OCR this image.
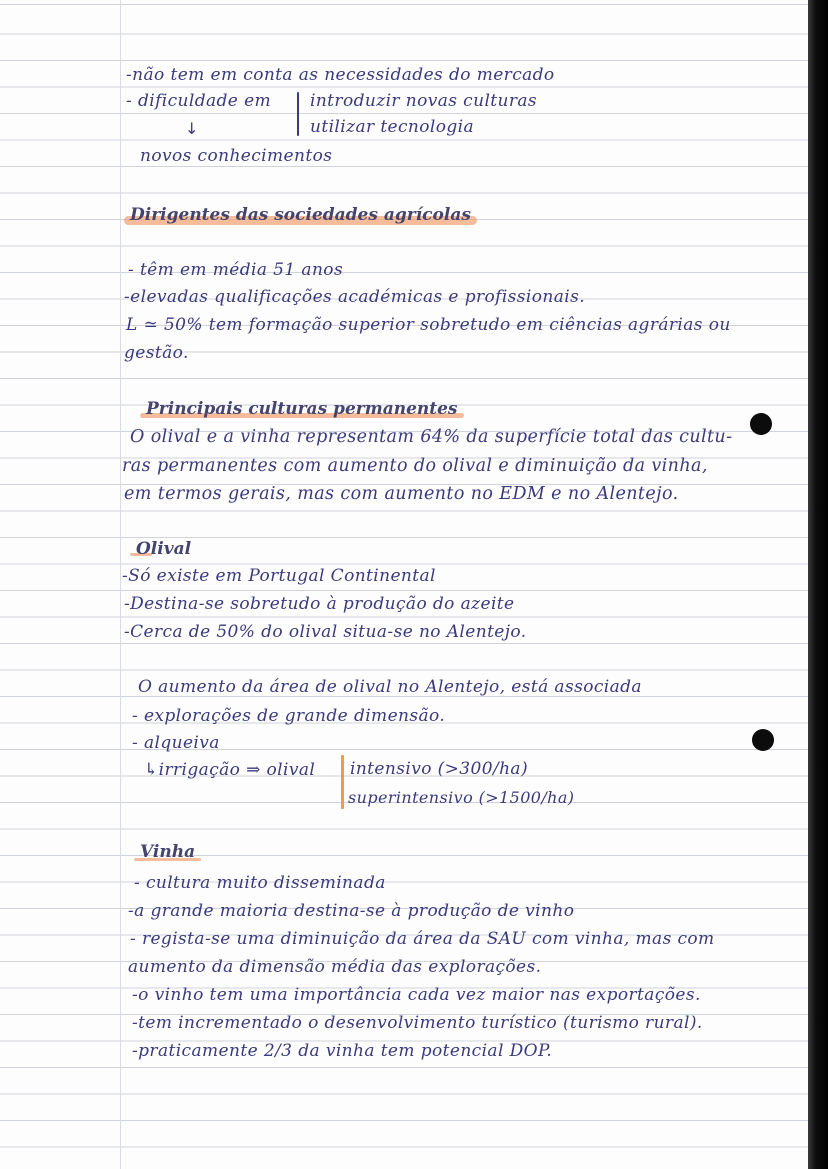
-não tem em conta as necessidades do mercado

- dificuldade em introduzir novas culturas

↓	utilizar tecnologia

novos conhecimentos

Dirigentes das sociedades agrícolas

- têm em média 51 anos

-elevadas qualificações académicas e profissionais.

L ≃ 50% tem formação superior sobretudo em ciências agrárias ou

gestão.

Principais culturas permanentes

O olival e a vinha representam 64% da superfície total das cultu-

ras permanentes com aumento do olival e diminuição da vinha,

em termos gerais, mas com aumento no EDM e no Alentejo.

Olival

-Só existe em Portugal Continental

-Destina-se sobretudo à produção do azeite

-Cerca de 50% do olival situa-se no Alentejo.

O aumento da área de olival no Alentejo, está associada

- explorações de grande dimensão.

- alqueiva

↳irrigação ⇒ olival intensivo (>300/ha)

superintensivo (>1500/ha)

Vinha

- cultura muito disseminada

-a grande maioria destina-se à produção de vinho

- regista-se uma diminuição da área da SAU com vinha, mas com

aumento da dimensão média das explorações.

-o vinho tem uma importância cada vez maior nas exportações.

-tem incrementado o desenvolvimento turístico (turismo rural).

-praticamente 2/3 da vinha tem potencial DOP.
